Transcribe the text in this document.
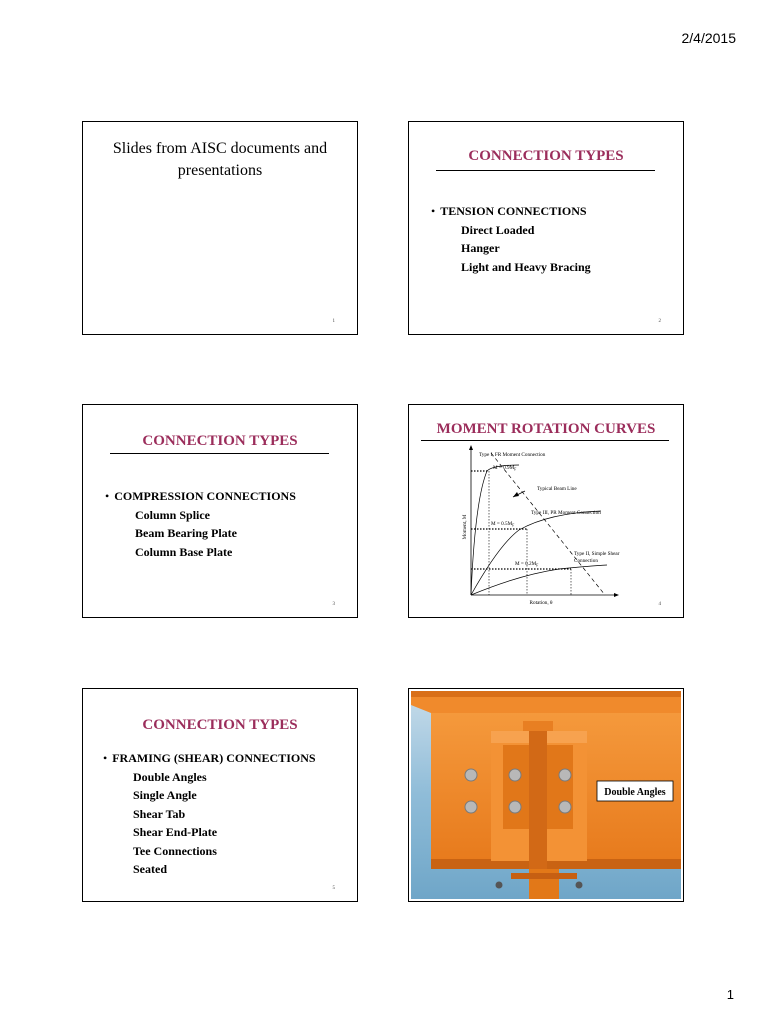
2/4/2015
Slides from AISC documents and presentations
1
CONNECTION TYPES
• TENSION CONNECTIONS
Direct Loaded
Hanger
Light and Heavy Bracing
2
CONNECTION TYPES
• COMPRESSION CONNECTIONS
Column Splice
Beam Bearing Plate
Column Base Plate
3
MOMENT ROTATION CURVES
Type I, FR Moment Connection
$M = 0.9M_F$
Typical Beam Line
Type III, PR Moment Connection
$M = 0.5M_F$
Type II, Simple Shear
Connection
$M = 0.2M_F$
Moment, M
Rotation, θ	4
CONNECTION TYPES
• FRAMING (SHEAR) CONNECTIONS
Double Angles
Single Angle
Shear Tab
Shear End-Plate
Tee Connections
Seated
5
Double Angles
1
